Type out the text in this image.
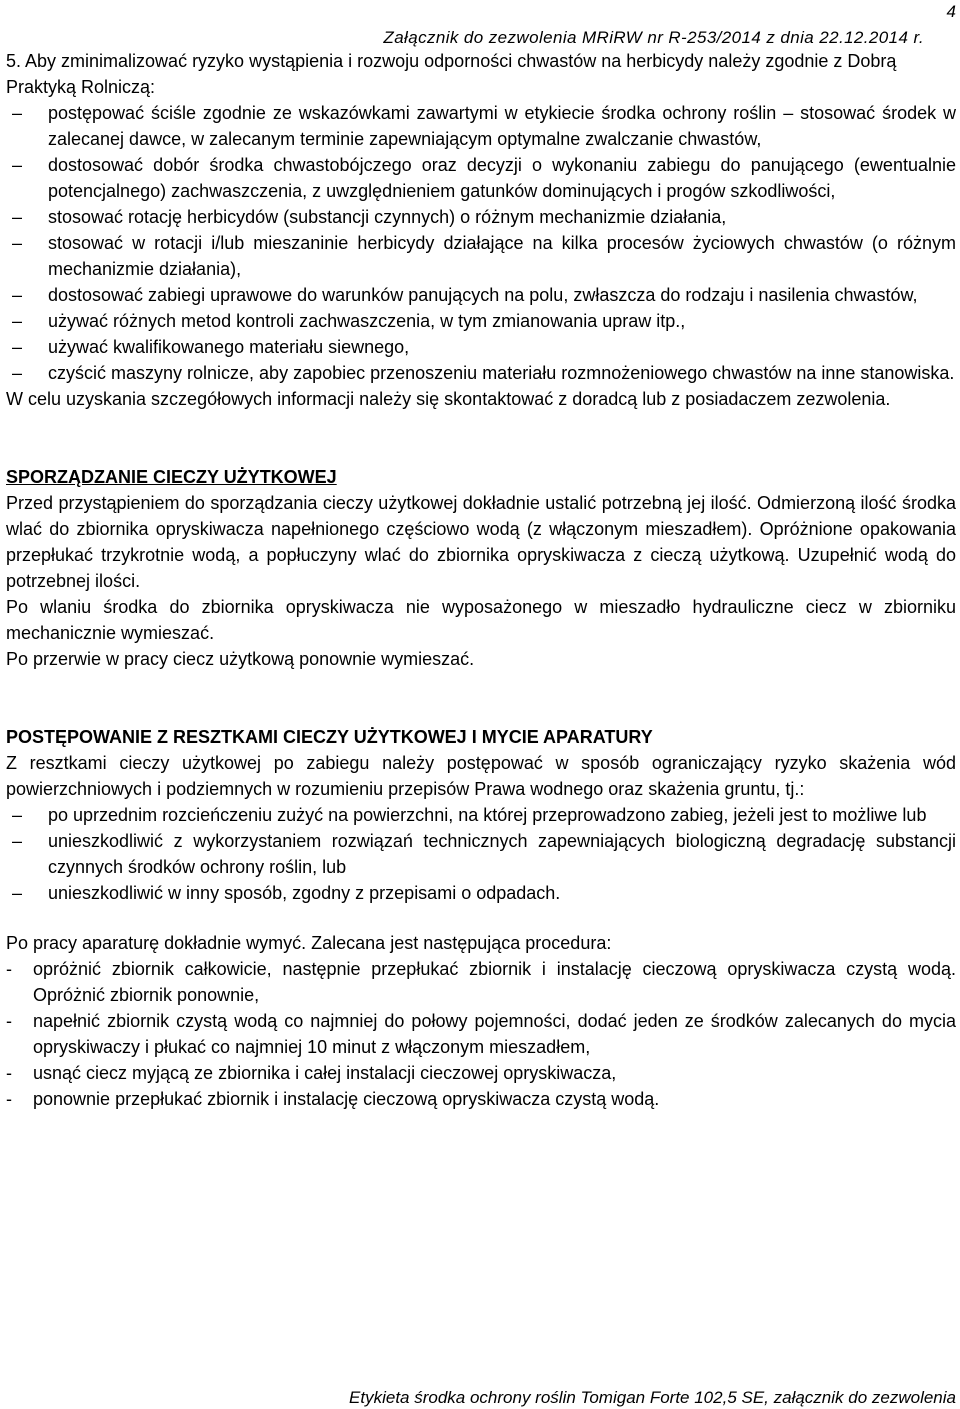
4
Załącznik do zezwolenia MRiRW nr R-253/2014 z dnia 22.12.2014 r.

5. Aby zminimalizować ryzyko wystąpienia i rozwoju odporności chwastów na herbicydy należy zgodnie z Dobrą Praktyką Rolniczą:

–	postępować ściśle zgodnie ze wskazówkami zawartymi w etykiecie środka ochrony roślin – stosować środek w zalecanej dawce, w zalecanym terminie zapewniającym optymalne zwalczanie chwastów,
–	dostosować dobór środka chwastobójczego oraz decyzji o wykonaniu zabiegu do panującego (ewentualnie potencjalnego) zachwaszczenia, z uwzględnieniem gatunków dominujących i progów szkodliwości,
–	stosować rotację herbicydów (substancji czynnych) o różnym mechanizmie działania,
–	stosować w rotacji i/lub mieszaninie herbicydy działające na kilka procesów życiowych chwastów (o różnym mechanizmie działania),
–	dostosować zabiegi uprawowe do warunków panujących na polu, zwłaszcza do rodzaju i nasilenia chwastów,
–	używać różnych metod kontroli zachwaszczenia, w tym zmianowania upraw itp.,
–	używać kwalifikowanego materiału siewnego,
–	czyścić maszyny rolnicze, aby zapobiec przenoszeniu materiału rozmnożeniowego chwastów na inne stanowiska.

W celu uzyskania szczegółowych informacji należy się skontaktować z doradcą lub z posiadaczem zezwolenia.

SPORZĄDZANIE CIECZY UŻYTKOWEJ

Przed przystąpieniem do sporządzania cieczy użytkowej dokładnie ustalić potrzebną jej ilość. Odmierzoną ilość środka wlać do zbiornika opryskiwacza napełnionego częściowo wodą (z włączonym mieszadłem). Opróżnione opakowania przepłukać trzykrotnie wodą, a popłuczyny wlać do zbiornika opryskiwacza z cieczą użytkową. Uzupełnić wodą do potrzebnej ilości.

Po wlaniu środka do zbiornika opryskiwacza nie wyposażonego w mieszadło hydrauliczne ciecz w zbiorniku mechanicznie wymieszać.

Po przerwie w pracy ciecz użytkową ponownie wymieszać.

POSTĘPOWANIE Z RESZTKAMI CIECZY UŻYTKOWEJ I MYCIE APARATURY

Z resztkami cieczy użytkowej po zabiegu należy postępować w sposób ograniczający ryzyko skażenia wód powierzchniowych i podziemnych w rozumieniu przepisów Prawa wodnego oraz skażenia gruntu, tj.:

–	po uprzednim rozcieńczeniu zużyć na powierzchni, na której przeprowadzono zabieg, jeżeli jest to możliwe lub
–	unieszkodliwić z wykorzystaniem rozwiązań technicznych zapewniających biologiczną degradację substancji czynnych środków ochrony roślin, lub
–	unieszkodliwić w inny sposób, zgodny z przepisami o odpadach.

Po pracy aparaturę dokładnie wymyć. Zalecana jest następująca procedura:

- opróżnić zbiornik całkowicie, następnie przepłukać zbiornik i instalację cieczową opryskiwacza czystą wodą. Opróżnić zbiornik ponownie,
- napełnić zbiornik czystą wodą co najmniej do połowy pojemności, dodać jeden ze środków zalecanych do mycia opryskiwaczy i płukać co najmniej 10 minut z włączonym mieszadłem,
- usnąć ciecz myjącą ze zbiornika i całej instalacji cieczowej opryskiwacza,
- ponownie przepłukać zbiornik i instalację cieczową opryskiwacza czystą wodą.
Etykieta środka ochrony roślin Tomigan Forte 102,5 SE, załącznik do zezwolenia
